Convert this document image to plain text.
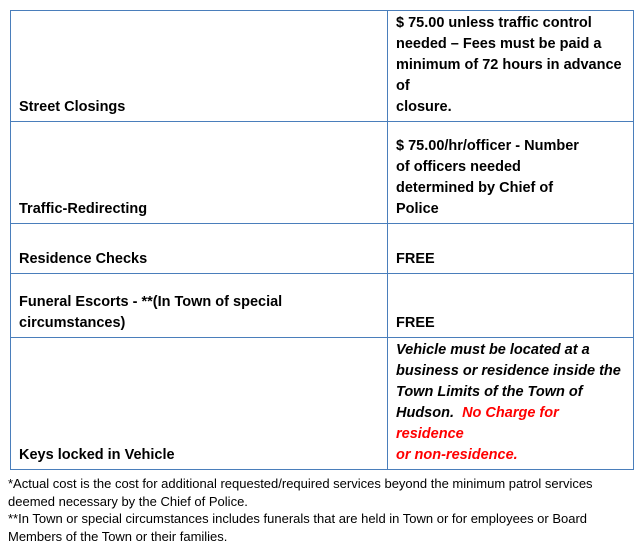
Street Closings	$ 75.00 unless traffic control
needed – Fees must be paid a
minimum of 72 hours in advance of
closure.

Traffic-Redirecting	$ 75.00/hr/officer - Number
of officers needed
determined by Chief of
Police

Residence Checks	FREE

Funeral Escorts - **(In Town of special
circumstances)	FREE
Keys locked in Vehicle	Vehicle must be located at a
business or residence inside the
Town Limits of the Town of
Hudson. No Charge for residence
or non-residence.

*Actual cost is the cost for additional requested/required services beyond the minimum patrol services deemed necessary by the Chief of Police.

**In Town or special circumstances includes funerals that are held in Town or for employees or Board Members of the Town or their families.
